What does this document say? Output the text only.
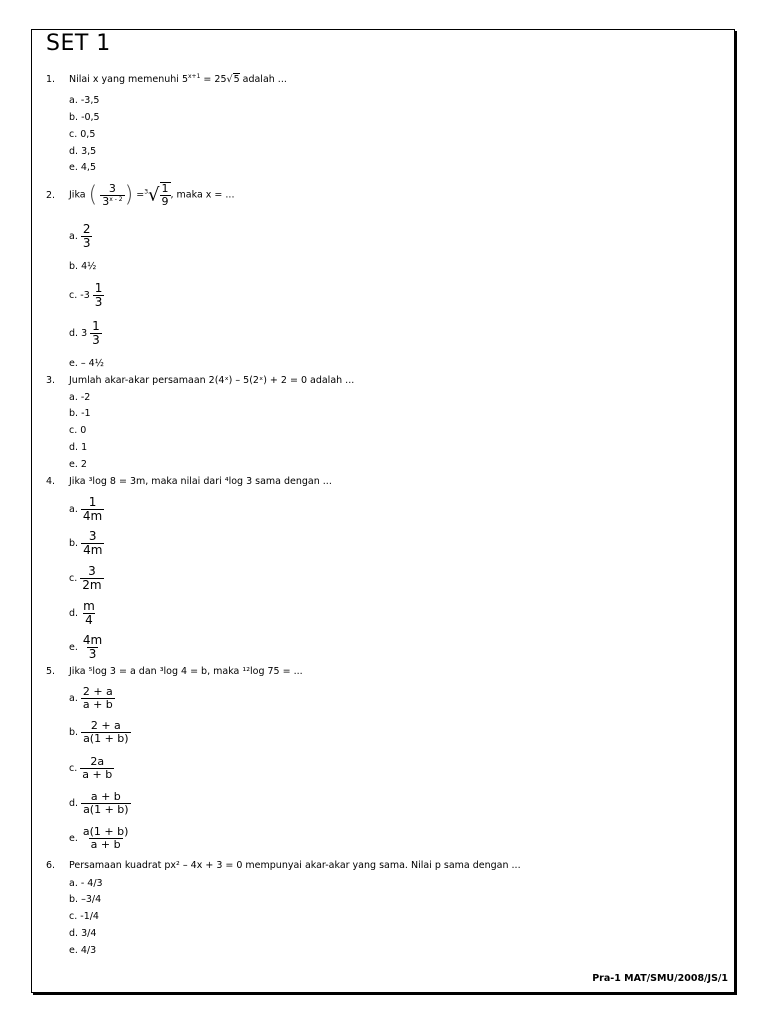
SET 1
1. Nilai x yang memenuhi $5^{x+1} = 25√5$ adalah ...
a. -3,5
b. -0,5
c. 0,5
d. 3,5
e. 4,5
2. Jika ( $\frac{3}{3^{x - 2}}$ ) $=^3√ \frac{1}{9}$ , maka x = ...
a. $\frac{2}{3}$
b. 4½
c. $-3 \frac{1}{3}$
d. $3 \frac{1}{3}$
e. – 4½
3. Jumlah akar-akar persamaan 2(4ˣ) – 5(2ˣ) + 2 = 0 adalah ...
a. -2
b. -1
c. 0
d. 1
e. 2
4. Jika ³log 8 = 3m, maka nilai dari ⁴log 3 sama dengan ...
a. $\frac{1}{4m}$
b. $\frac{3}{4m}$
c. $\frac{3}{2m}$
d. $\frac{m}{4}$
e. $\frac{4m}{3}$
5. Jika ⁵log 3 = a dan ³log 4 = b, maka ¹²log 75 = ...
a. $\frac{2 + a}{a + b}$
b. $\frac{2 + a}{a(1 + b)}$
c. $\frac{2a}{a + b}$
d. $\frac{a + b}{a(1 + b)}$
e. $\frac{a(1 + b)}{a + b}$
6. Persamaan kuadrat px² – 4x + 3 = 0 mempunyai akar-akar yang sama. Nilai p sama dengan ...
a. - 4/3
b. –3/4
c. -1/4
d. 3/4
e. 4/3
Pra-1 MAT/SMU/2008/JS/1
